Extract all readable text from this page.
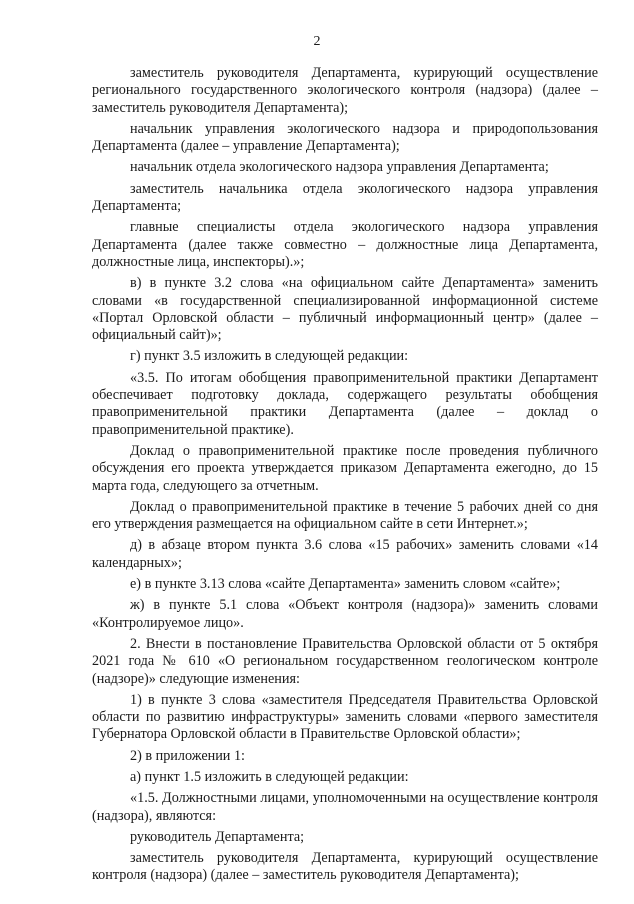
2

заместитель руководителя Департамента, курирующий осуществление регионального государственного экологического контроля (надзора) (далее – заместитель руководителя Департамента);

начальник управления экологического надзора и природопользования Департамента (далее – управление Департамента);

начальник отдела экологического надзора управления Департамента;

заместитель начальника отдела экологического надзора управления Департамента;

главные специалисты отдела экологического надзора управления Департамента (далее также совместно – должностные лица Департамента, должностные лица, инспекторы).»;

в) в пункте 3.2 слова «на официальном сайте Департамента» заменить словами «в государственной специализированной информационной системе «Портал Орловской области – публичный информационный центр» (далее – официальный сайт)»;

г) пункт 3.5 изложить в следующей редакции:

«3.5. По итогам обобщения правоприменительной практики Департамент обеспечивает подготовку доклада, содержащего результаты обобщения правоприменительной практики Департамента (далее – доклад о правоприменительной практике).

Доклад о правоприменительной практике после проведения публичного обсуждения его проекта утверждается приказом Департамента ежегодно, до 15 марта года, следующего за отчетным.

Доклад о правоприменительной практике в течение 5 рабочих дней со дня его утверждения размещается на официальном сайте в сети Интернет.»;

д) в абзаце втором пункта 3.6 слова «15 рабочих» заменить словами «14 календарных»;

е) в пункте 3.13 слова «сайте Департамента» заменить словом «сайте»;

ж) в пункте 5.1 слова «Объект контроля (надзора)» заменить словами «Контролируемое лицо».

2. Внести в постановление Правительства Орловской области от 5 октября 2021 года № 610 «О региональном государственном геологическом контроле (надзоре)» следующие изменения:

1) в пункте 3 слова «заместителя Председателя Правительства Орловской области по развитию инфраструктуры» заменить словами «первого заместителя Губернатора Орловской области в Правительстве Орловской области»;

2) в приложении 1:

а) пункт 1.5 изложить в следующей редакции:

«1.5. Должностными лицами, уполномоченными на осуществление контроля (надзора), являются:

руководитель Департамента;

заместитель руководителя Департамента, курирующий осуществление контроля (надзора) (далее – заместитель руководителя Департамента);
